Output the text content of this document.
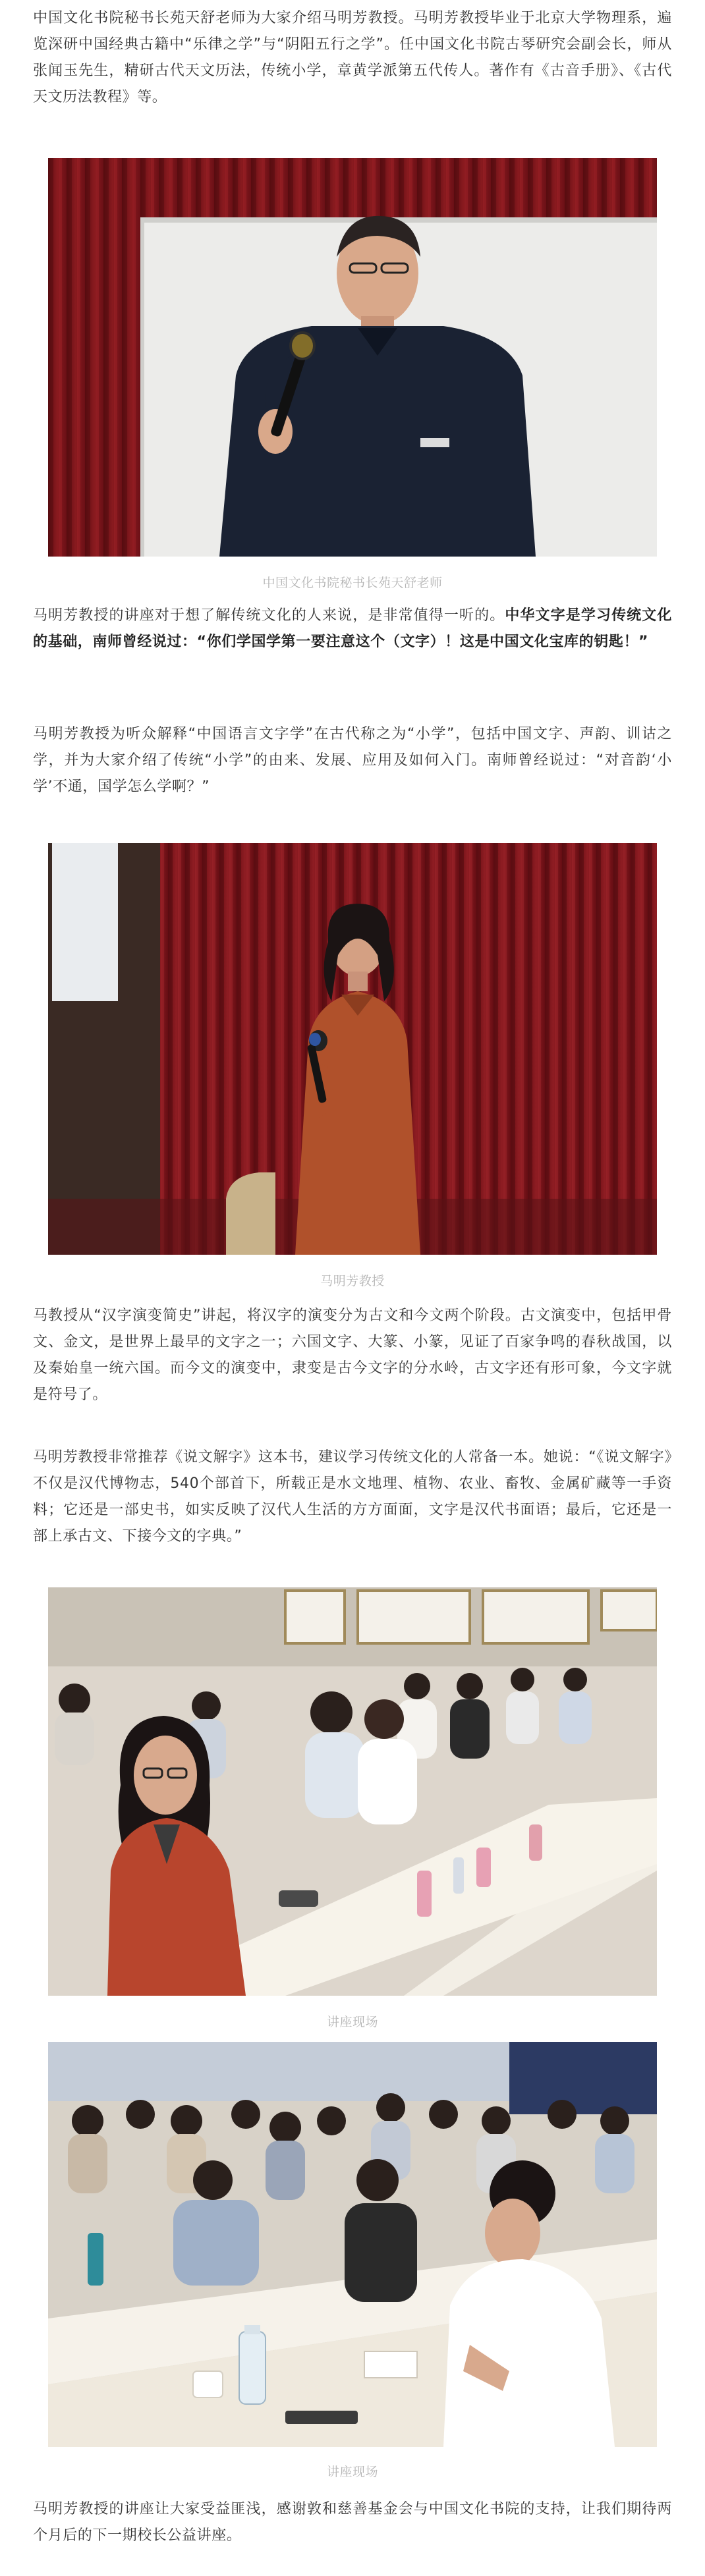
中国文化书院秘书长苑天舒老师为大家介绍马明芳教授。马明芳教授毕业于北京大学物理系，遍览深研中国经典古籍中“乐律之学”与“阴阳五行之学”。任中国文化书院古琴研究会副会长，师从张闻玉先生，精研古代天文历法，传统小学，章黄学派第五代传人。著作有《古音手册》、《古代天文历法教程》等。

中国文化书院秘书长苑天舒老师

马明芳教授的讲座对于想了解传统文化的人来说，是非常值得一听的。中华文字是学习传统文化的基础，南师曾经说过：“你们学国学第一要注意这个（文字）！这是中国文化宝库的钥匙！”

马明芳教授为听众解释“中国语言文字学”在古代称之为“小学”，包括中国文字、声韵、训诂之学，并为大家介绍了传统“小学”的由来、发展、应用及如何入门。南师曾经说过：“对音韵‘小学’不通，国学怎么学啊？”

马明芳教授

马教授从“汉字演变简史”讲起，将汉字的演变分为古文和今文两个阶段。古文演变中，包括甲骨文、金文，是世界上最早的文字之一；六国文字、大篆、小篆，见证了百家争鸣的春秋战国，以及秦始皇一统六国。而今文的演变中，隶变是古今文字的分水岭，古文字还有形可象，今文字就是符号了。

马明芳教授非常推荐《说文解字》这本书，建议学习传统文化的人常备一本。她说：“《说文解字》不仅是汉代博物志，540个部首下，所载正是水文地理、植物、农业、畜牧、金属矿藏等一手资料；它还是一部史书，如实反映了汉代人生活的方方面面，文字是汉代书面语；最后，它还是一部上承古文、下接今文的字典。”

讲座现场

讲座现场

马明芳教授的讲座让大家受益匪浅，感谢敦和慈善基金会与中国文化书院的支持，让我们期待两个月后的下一期校长公益讲座。
